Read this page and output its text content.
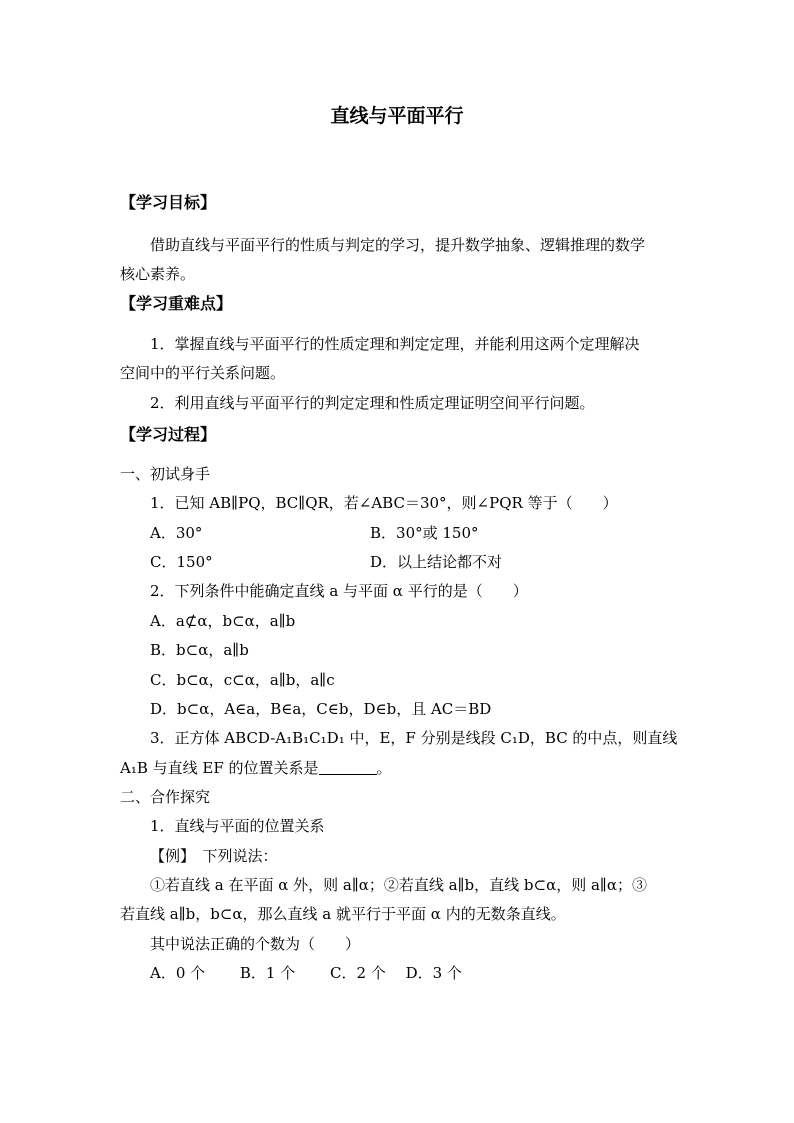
直线与平面平行
【学习目标】
借助直线与平面平行的性质与判定的学习，提升数学抽象、逻辑推理的数学
核心素养。
【学习重难点】
1．掌握直线与平面平行的性质定理和判定定理，并能利用这两个定理解决
空间中的平行关系问题。
2．利用直线与平面平行的判定定理和性质定理证明空间平行问题。
【学习过程】
一、初试身手
1．已知 AB∥PQ，BC∥QR，若∠ABC＝30°，则∠PQR 等于（　　）
A．30°	B．30°或 150°
C．150°	D．以上结论都不对
2．下列条件中能确定直线 a 与平面 α 平行的是（　　）
A．a⊄α，b⊂α，a∥b
B．b⊂α，a∥b
C．b⊂α，c⊂α，a∥b，a∥c
D．b⊂α，A∈a，B∈a，C∈b，D∈b，且 AC＝BD
3．正方体 ABCD-A₁B₁C₁D₁ 中，E，F 分别是线段 C₁D，BC 的中点，则直线
A₁B 与直线 EF 的位置关系是	。
二、合作探究
1．直线与平面的位置关系
【例】　下列说法：
①若直线 a 在平面 α 外，则 a∥α；②若直线 a∥b，直线 b⊂α，则 a∥α；③
若直线 a∥b，b⊂α，那么直线 a 就平行于平面 α 内的无数条直线。
其中说法正确的个数为（　　）
A．0 个　　 B．1 个　　 C．2 个　 D．3 个
